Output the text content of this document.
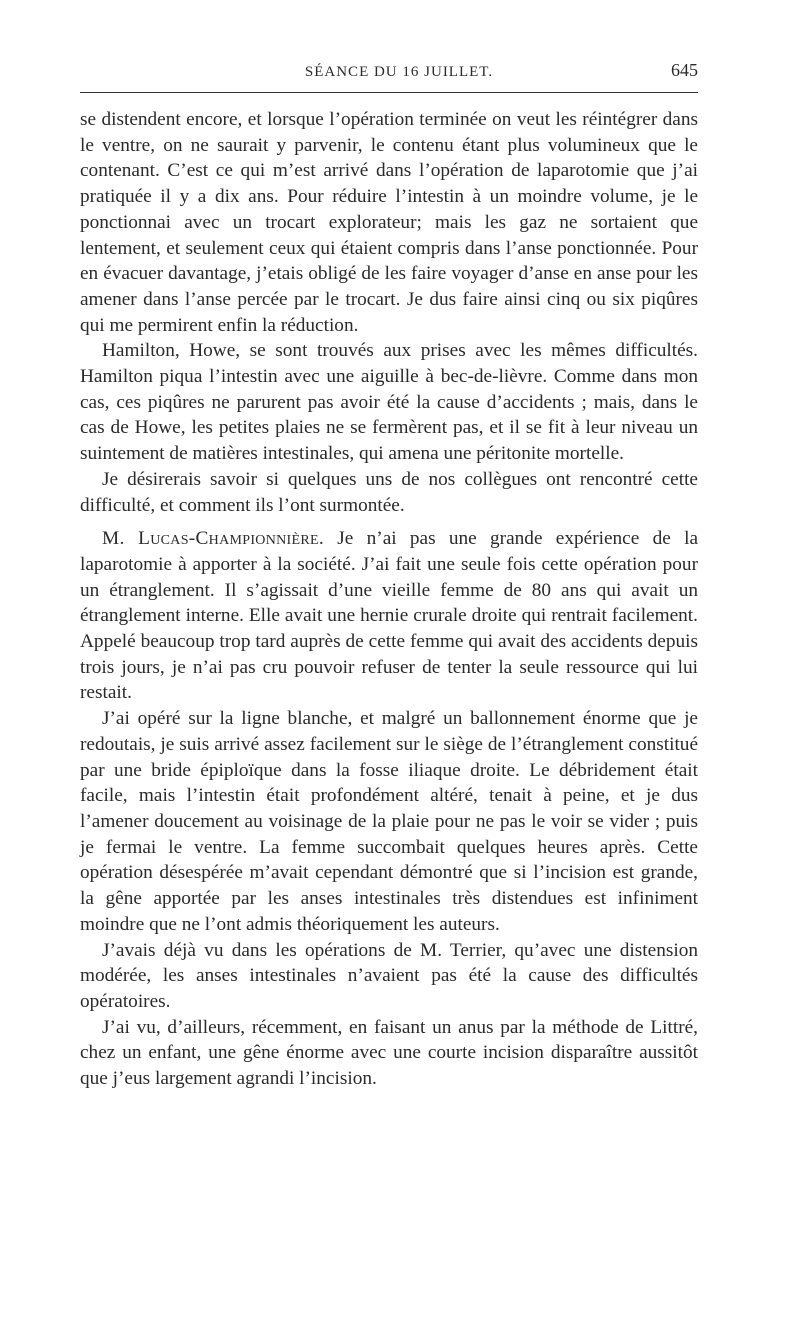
SÉANCE DU 16 JUILLET.	645

se distendent encore, et lorsque l’opération terminée on veut les réintégrer dans le ventre, on ne saurait y parvenir, le contenu étant plus volumineux que le contenant. C’est ce qui m’est arrivé dans l’opération de laparotomie que j’ai pratiquée il y a dix ans. Pour réduire l’intestin à un moindre volume, je le ponctionnai avec un trocart explorateur; mais les gaz ne sortaient que lentement, et seulement ceux qui étaient compris dans l’anse ponctionnée. Pour en évacuer davantage, j’etais obligé de les faire voyager d’anse en anse pour les amener dans l’anse percée par le trocart. Je dus faire ainsi cinq ou six piqûres qui me permirent enfin la réduction.

Hamilton, Howe, se sont trouvés aux prises avec les mêmes difficultés. Hamilton piqua l’intestin avec une aiguille à bec-de-lièvre. Comme dans mon cas, ces piqûres ne parurent pas avoir été la cause d’accidents ; mais, dans le cas de Howe, les petites plaies ne se fermèrent pas, et il se fit à leur niveau un suintement de matières intestinales, qui amena une péritonite mortelle.

Je désirerais savoir si quelques uns de nos collègues ont rencontré cette difficulté, et comment ils l’ont surmontée.

M. Lucas-Championnière. Je n’ai pas une grande expérience de la laparotomie à apporter à la société. J’ai fait une seule fois cette opération pour un étranglement. Il s’agissait d’une vieille femme de 80 ans qui avait un étranglement interne. Elle avait une hernie crurale droite qui rentrait facilement. Appelé beaucoup trop tard auprès de cette femme qui avait des accidents depuis trois jours, je n’ai pas cru pouvoir refuser de tenter la seule ressource qui lui restait.

J’ai opéré sur la ligne blanche, et malgré un ballonnement énorme que je redoutais, je suis arrivé assez facilement sur le siège de l’étranglement constitué par une bride épiploïque dans la fosse iliaque droite. Le débridement était facile, mais l’intestin était profondément altéré, tenait à peine, et je dus l’amener doucement au voisinage de la plaie pour ne pas le voir se vider ; puis je fermai le ventre. La femme succombait quelques heures après. Cette opération désespérée m’avait cependant démontré que si l’incision est grande, la gêne apportée par les anses intestinales très distendues est infiniment moindre que ne l’ont admis théoriquement les auteurs.

J’avais déjà vu dans les opérations de M. Terrier, qu’avec une distension modérée, les anses intestinales n’avaient pas été la cause des difficultés opératoires.

J’ai vu, d’ailleurs, récemment, en faisant un anus par la méthode de Littré, chez un enfant, une gêne énorme avec une courte incision disparaître aussitôt que j’eus largement agrandi l’incision.
